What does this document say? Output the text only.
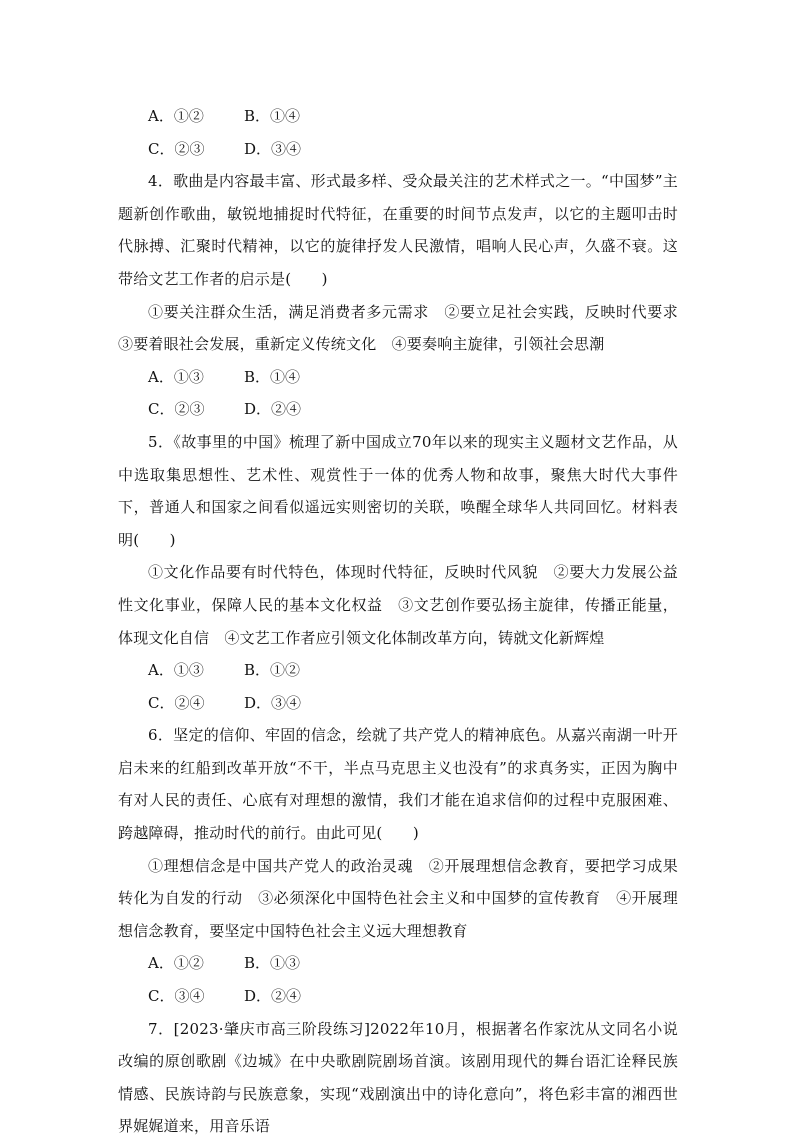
A．①②	B．①④
C．②③	D．③④

4．歌曲是内容最丰富、形式最多样、受众最关注的艺术样式之一。“中国梦”主题新创作歌曲，敏锐地捕捉时代特征，在重要的时间节点发声，以它的主题叩击时代脉搏、汇聚时代精神，以它的旋律抒发人民激情，唱响人民心声，久盛不衰。这带给文艺工作者的启示是(　　)

①要关注群众生活，满足消费者多元需求　②要立足社会实践，反映时代要求　③要着眼社会发展，重新定义传统文化　④要奏响主旋律，引领社会思潮

A．①③	B．①④
C．②③	D．②④

5．《故事里的中国》梳理了新中国成立70年以来的现实主义题材文艺作品，从中选取集思想性、艺术性、观赏性于一体的优秀人物和故事，聚焦大时代大事件下，普通人和国家之间看似遥远实则密切的关联，唤醒全球华人共同回忆。材料表明(　　)

①文化作品要有时代特色，体现时代特征，反映时代风貌　②要大力发展公益性文化事业，保障人民的基本文化权益　③文艺创作要弘扬主旋律，传播正能量，体现文化自信　④文艺工作者应引领文化体制改革方向，铸就文化新辉煌

A．①③	B．①②
C．②④	D．③④

6．坚定的信仰、牢固的信念，绘就了共产党人的精神底色。从嘉兴南湖一叶开启未来的红船到改革开放“不干，半点马克思主义也没有”的求真务实，正因为胸中有对人民的责任、心底有对理想的激情，我们才能在追求信仰的过程中克服困难、跨越障碍，推动时代的前行。由此可见(　　)

①理想信念是中国共产党人的政治灵魂　②开展理想信念教育，要把学习成果转化为自发的行动　③必须深化中国特色社会主义和中国梦的宣传教育　④开展理想信念教育，要坚定中国特色社会主义远大理想教育

A．①②	B．①③
C．③④	D．②④

7．[2023·肇庆市高三阶段练习]2022年10月，根据著名作家沈从文同名小说改编的原创歌剧《边城》在中央歌剧院剧场首演。该剧用现代的舞台语汇诠释民族情感、民族诗韵与民族意象，实现“戏剧演出中的诗化意向”，将色彩丰富的湘西世界娓娓道来，用音乐语
